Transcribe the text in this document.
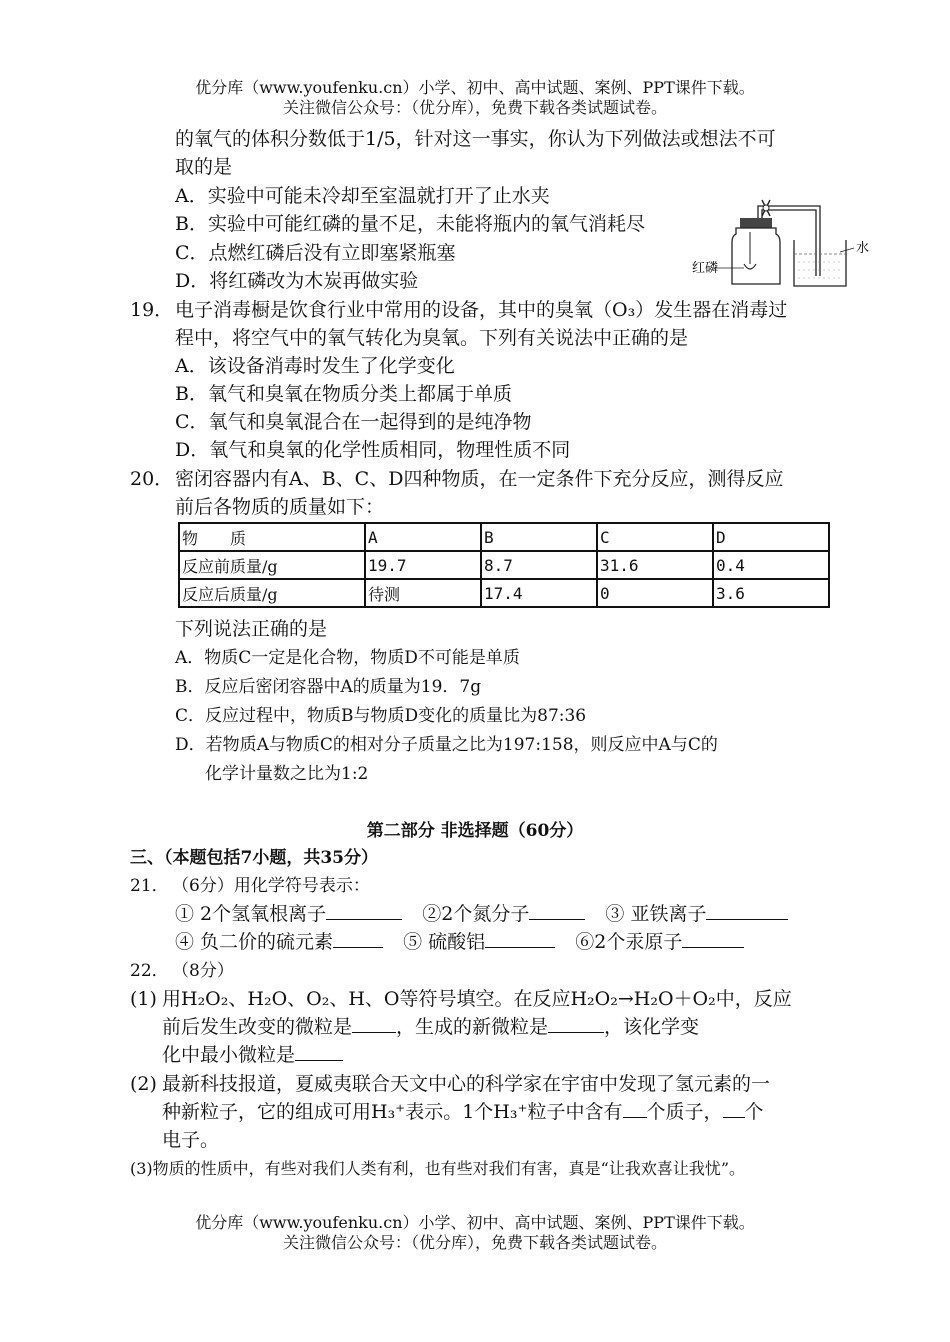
优分库（www.youfenku.cn）小学、初中、高中试题、案例、PPT课件下载。
关注微信公众号：（优分库），免费下载各类试题试卷。
的氧气的体积分数低于1/5，针对这一事实，你认为下列做法或想法不可
取的是
A．实验中可能未冷却至室温就打开了止水夹
B．实验中可能红磷的量不足，未能将瓶内的氧气消耗尽
C．点燃红磷后没有立即塞紧瓶塞
D．将红磷改为木炭再做实验
红磷
水
19． 电子消毒橱是饮食行业中常用的设备，其中的臭氧（O₃）发生器在消毒过
程中，将空气中的氧气转化为臭氧。下列有关说法中正确的是
A．该设备消毒时发生了化学变化
B．氧气和臭氧在物质分类上都属于单质
C．氧气和臭氧混合在一起得到的是纯净物
D．氧气和臭氧的化学性质相同，物理性质不同
20． 密闭容器内有A、B、C、D四种物质，在一定条件下充分反应，测得反应
前后各物质的质量如下：
物　　质	A	B	C	D
反应前质量/g	19.7	8.7	31.6	0.4
反应后质量/g	待测	17.4	0	3.6
下列说法正确的是
A．物质C一定是化合物，物质D不可能是单质
B．反应后密闭容器中A的质量为19．7g
C．反应过程中，物质B与物质D变化的质量比为87:36
D．若物质A与物质C的相对分子质量之比为197:158，则反应中A与C的
化学计量数之比为1:2
第二部分 非选择题（60分）
三、（本题包括7小题，共35分）
21． （6分）用化学符号表示：
① 2个氢氧根离子	②2个氮分子	③ 亚铁离子
④ 负二价的硫元素	⑤ 硫酸铝	⑥2个汞原子
22． （8分）
(1) 用H₂O₂、H₂O、O₂、H、O等符号填空。在反应H₂O₂→H₂O＋O₂中，反应
前后发生改变的微粒是 ，生成的新微粒是	，该化学变
化中最小微粒是
(2) 最新科技报道，夏威夷联合天文中心的科学家在宇宙中发现了氢元素的一
种新粒子，它的组成可用H₃⁺表示。1个H₃⁺粒子中含有 个质子， 个
电子。
(3)物质的性质中，有些对我们人类有利，也有些对我们有害，真是“让我欢喜让我忧”。
优分库（www.youfenku.cn）小学、初中、高中试题、案例、PPT课件下载。
关注微信公众号：（优分库），免费下载各类试题试卷。
